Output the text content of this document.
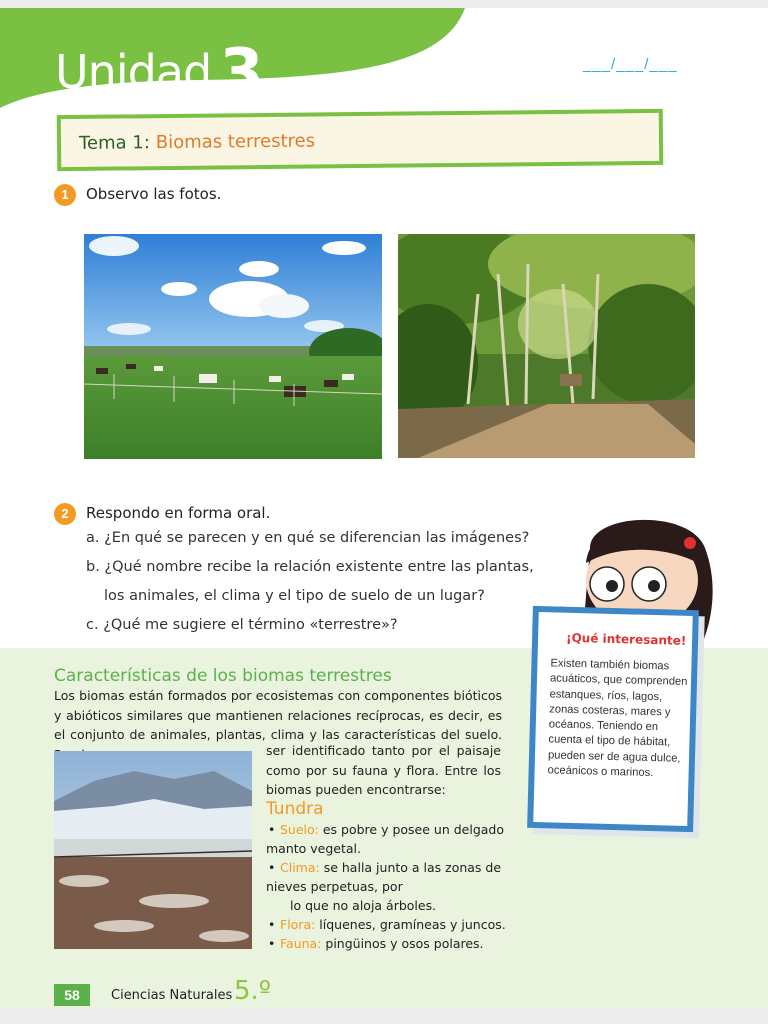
Unidad 3	___/___/___
Tema 1: Biomas terrestres
1	Observo las fotos.
2	Respondo en forma oral.
a. ¿En qué se parecen y en qué se diferencian las imágenes?
b. ¿Qué nombre recibe la relación existente entre las plantas,
los animales, el clima y el tipo de suelo de un lugar?
c. ¿Qué me sugiere el término «terrestre»?
¡Qué interesante!
Existen también biomas acuáticos, que comprenden estanques, ríos, lagos, zonas costeras, mares y océanos. Teniendo en cuenta el tipo de hábitat, pueden ser de agua dulce, oceánicos o marinos.
Características de los biomas terrestres
Los biomas están formados por ecosistemas con componentes bióticos y abióticos similares que mantienen relaciones recíprocas, es decir, es el conjunto de animales, plantas, clima y las características del suelo.
ser identificado tanto por el paisaje como por su fauna y flora. Entre los biomas pueden encontrarse:
Tundra
• Suelo: es pobre y posee un delgado manto vegetal.
• Clima: se halla junto a las zonas de nieves perpetuas, por
lo que no aloja árboles.
• Flora: líquenes, gramíneas y juncos.
• Fauna: pingüinos y osos polares.
58	Ciencias Naturales 5.º
